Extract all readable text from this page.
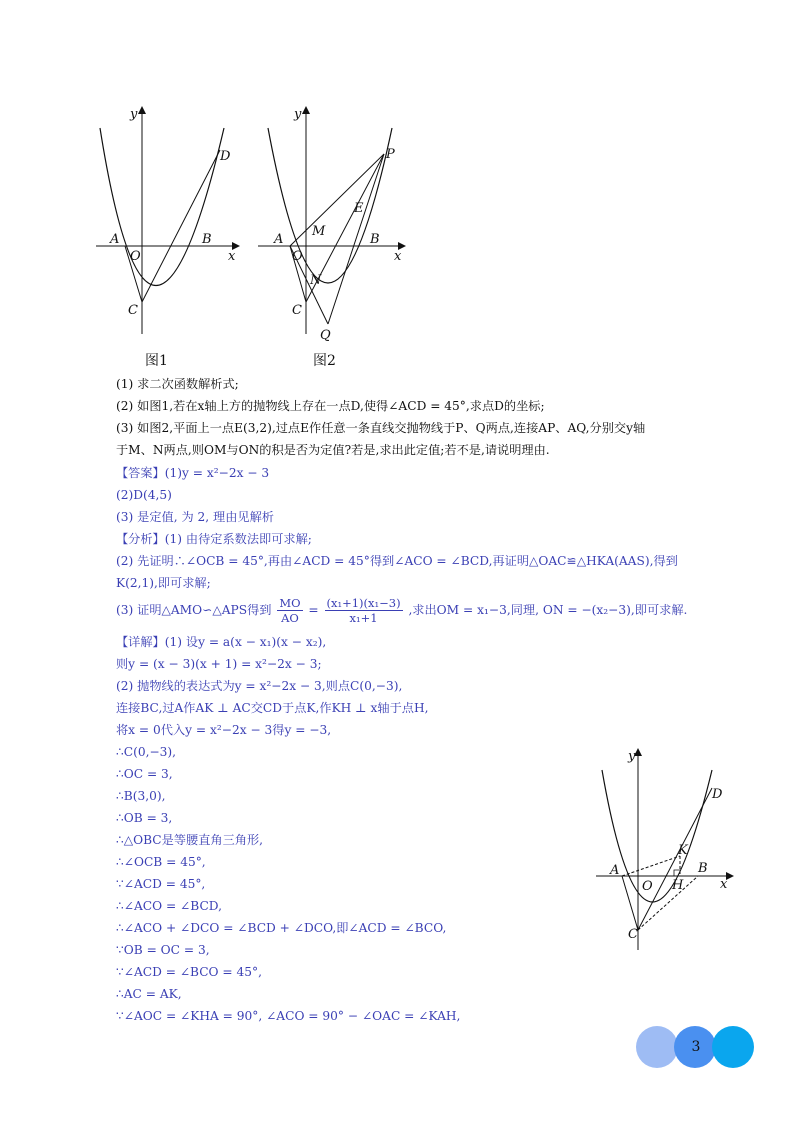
y
x
A
O
B
C
D
图1
y
x
A
O
B
C
P
E
M
N
Q
图2
y
x
A
O
B
C
D
K
H
(1) 求二次函数解析式;
(2) 如图1,若在x轴上方的抛物线上存在一点D,使得∠ACD = 45°,求点D的坐标;
(3) 如图2,平面上一点E(3,2),过点E作任意一条直线交抛物线于P、Q两点,连接AP、AQ,分别交y轴
于M、N两点,则OM与ON的积是否为定值?若是,求出此定值;若不是,请说明理由.
【答案】(1)y = x²−2x − 3
(2)D(4,5)
(3) 是定值, 为 2, 理由见解析
【分析】(1) 由待定系数法即可求解;
(2) 先证明∴∠OCB = 45°,再由∠ACD = 45°得到∠ACO = ∠BCD,再证明△OAC≌△HKA(AAS),得到
K(2,1),即可求解;
(3) 证明△AMO∽△APS得到 $\frac{MO}{AO} = \frac{\text{(x₁+1)(x₁−3)}}{\text{x₁+1}}$ ,求出OM = x₁−3,同理, ON = −(x₂−3),即可求解.
【详解】(1) 设y = a(x − x₁)(x − x₂),
则y = (x − 3)(x + 1) = x²−2x − 3;
(2) 抛物线的表达式为y = x²−2x − 3,则点C(0,−3),
连接BC,过A作AK ⊥ AC交CD于点K,作KH ⊥ x轴于点H,
将x = 0代入y = x²−2x − 3得y = −3,
∴C(0,−3),
∴OC = 3,
∴B(3,0),
∴OB = 3,
∴△OBC是等腰直角三角形,
∴∠OCB = 45°,
∵∠ACD = 45°,
∴∠ACO = ∠BCD,
∴∠ACO + ∠DCO = ∠BCD + ∠DCO,即∠ACD = ∠BCO,
∵OB = OC = 3,
∵∠ACD = ∠BCO = 45°,
∴AC = AK,
∵∠AOC = ∠KHA = 90°, ∠ACO = 90° − ∠OAC = ∠KAH,
3
